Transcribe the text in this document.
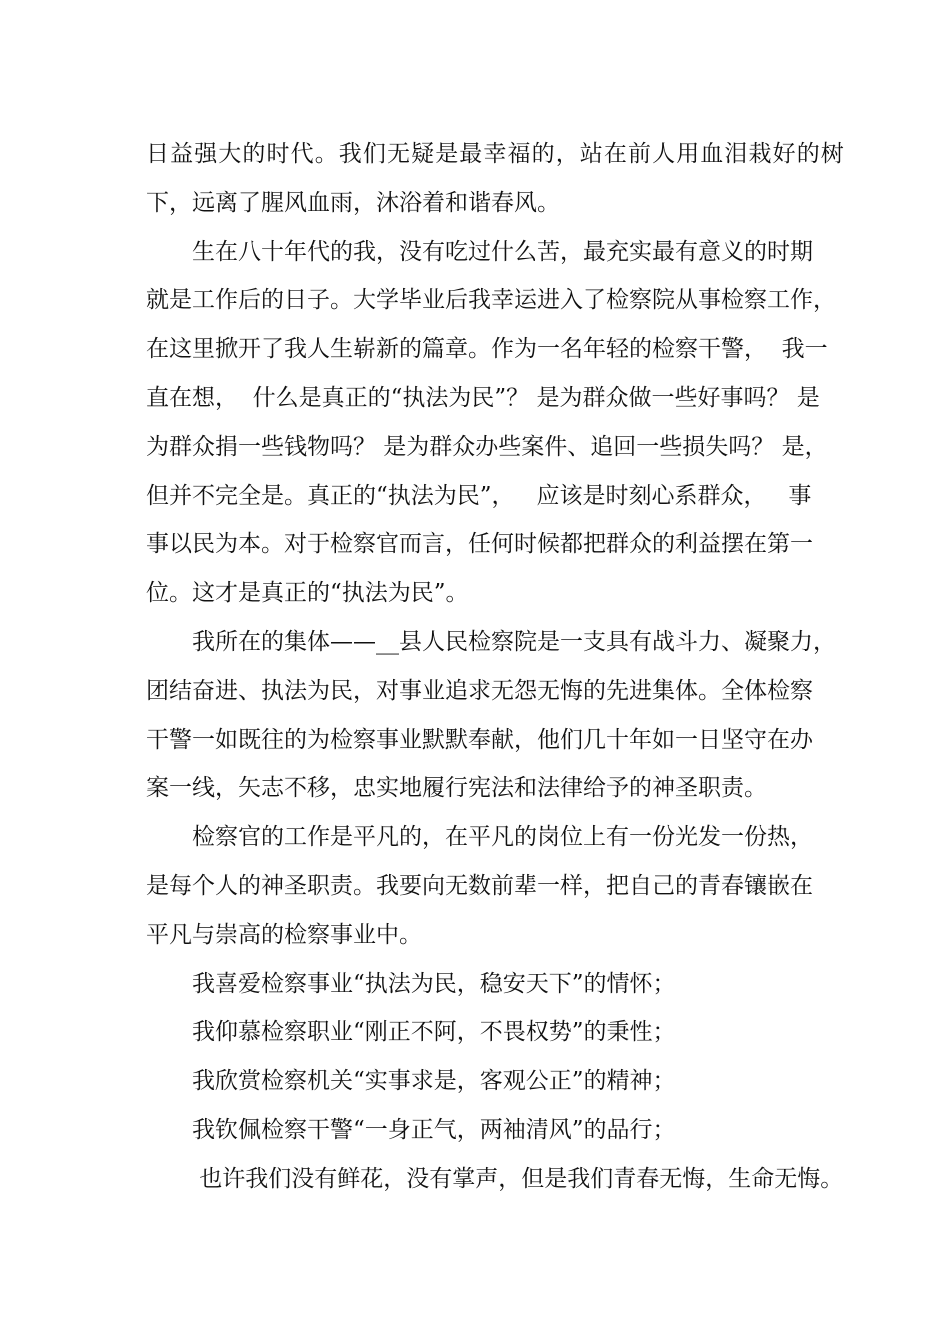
日益强大的时代。我们无疑是最幸福的，站在前人用血泪栽好的树
下，远离了腥风血雨，沐浴着和谐春风。
生在八十年代的我，没有吃过什么苦，最充实最有意义的时期
就是工作后的日子。大学毕业后我幸运进入了检察院从事检察工作，
在这里掀开了我人生崭新的篇章。作为一名年轻的检察干警，  我一
直在想，  什么是真正的“执法为民”？ 是为群众做一些好事吗？ 是
为群众捐一些钱物吗？ 是为群众办些案件、追回一些损失吗？ 是，
但并不完全是。真正的“执法为民”，   应该是时刻心系群众，   事
事以民为本。对于检察官而言，任何时候都把群众的利益摆在第一
位。这才是真正的“执法为民”。
我所在的集体——__县人民检察院是一支具有战斗力、凝聚力，
团结奋进、执法为民，对事业追求无怨无悔的先进集体。全体检察
干警一如既往的为检察事业默默奉献，他们几十年如一日坚守在办
案一线，矢志不移，忠实地履行宪法和法律给予的神圣职责。
检察官的工作是平凡的，在平凡的岗位上有一份光发一份热，
是每个人的神圣职责。我要向无数前辈一样，把自己的青春镶嵌在
平凡与崇高的检察事业中。
我喜爱检察事业“执法为民，稳安天下”的情怀；
我仰慕检察职业“刚正不阿，不畏权势”的秉性；
我欣赏检察机关“实事求是，客观公正”的精神；
我钦佩检察干警“一身正气，两袖清风”的品行；
也许我们没有鲜花，没有掌声，但是我们青春无悔，生命无悔。
